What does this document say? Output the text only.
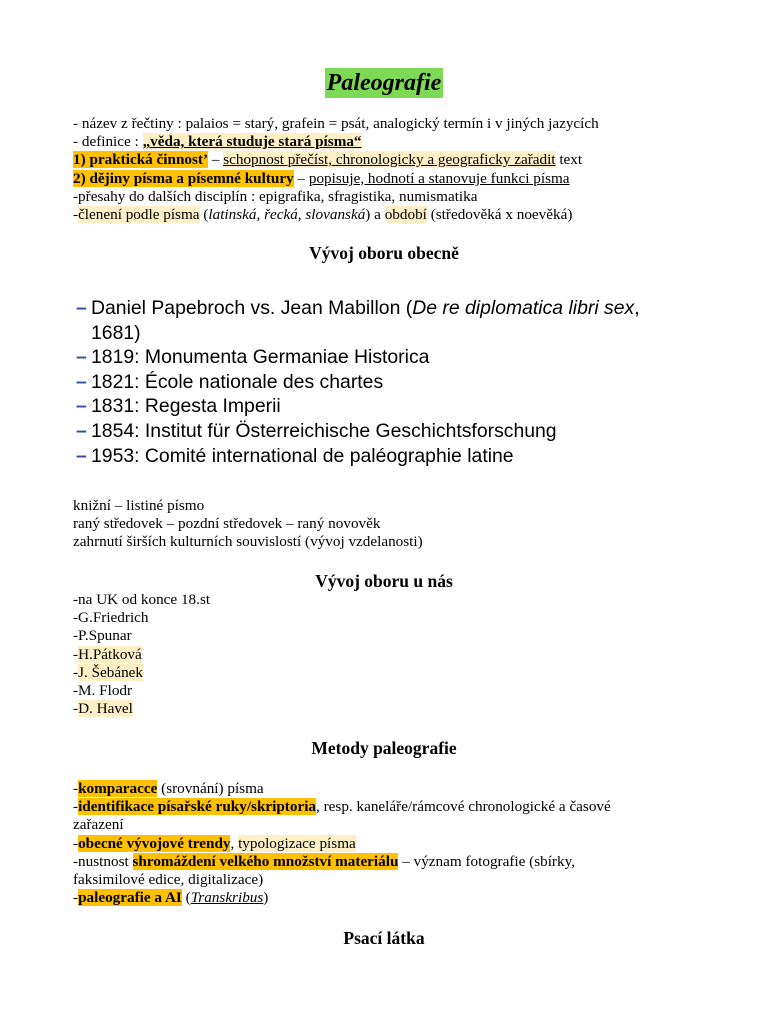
Paleografie
- název z řečtiny : palaios = starý, grafein = psát, analogický termín i v jiných jazycích
- definice : „věda, která studuje stará písma“
1) praktická činnost’ – schopnost přečíst, chronologicky a geograficky zařadit text
2) dějiny písma a písemné kultury – popisuje, hodnotí a stanovuje funkci písma
-přesahy do dalších disciplín : epigrafika, sfragistika, numismatika
-členení podle písma (latinská, řecká, slovanská) a období (středověká x noevěká)
Vývoj oboru obecně
– Daniel Papebroch vs. Jean Mabillon (De re diplomatica libri sex,
1681)
– 1819: Monumenta Germaniae Historica
– 1821: École nationale des chartes
– 1831: Regesta Imperii
– 1854: Institut für Österreichische Geschichtsforschung
– 1953: Comité international de paléographie latine
knižní – listiné písmo
raný středovek – pozdní středovek – raný novověk
zahrnutí širších kulturních souvislostí (vývoj vzdelanosti)
Vývoj oboru u nás
-na UK od konce 18.st
-G.Friedrich
-P.Spunar
-H.Pátková
-J. Šebánek
-M. Flodr
-D. Havel
Metody paleografie
-komparacce (srovnání) písma
-identifikace písařské ruky/skriptoria, resp. kaneláře/rámcové chronologické a časové
zařazení
-obecné vývojové trendy, typologizace písma
-nustnost shromáždení velkého množství materiálu – význam fotografie (sbírky,
faksimilové edice, digitalizace)
-paleografie a AI (Transkribus)
Psací látka
